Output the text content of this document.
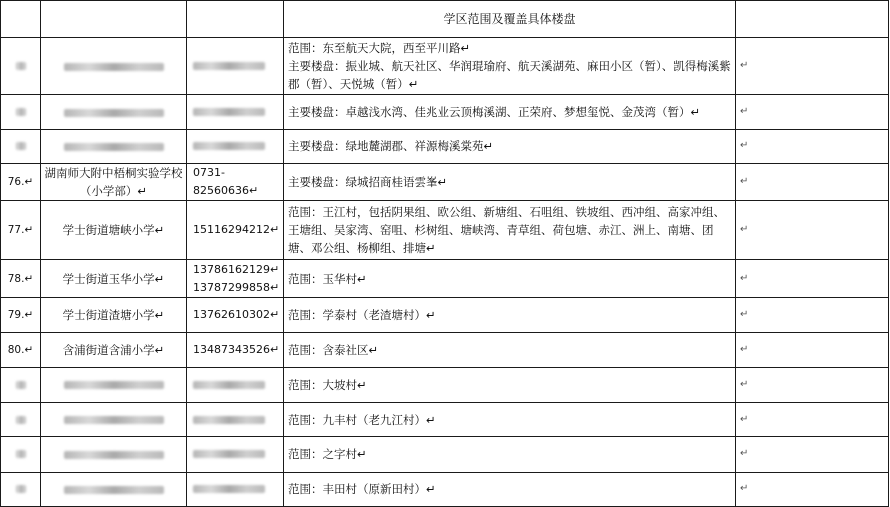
			学区范围及覆盖具体楼盘	
			范围：东至航天大院，西至平川路↵
主要楼盘：振业城、航天社区、华润琨瑜府、航天溪湖苑、麻田小区（暂）、凯得梅溪紫郡（暂）、天悦城（暂）↵	↵
			主要楼盘：卓越浅水湾、佳兆业云顶梅溪湖、正荣府、梦想玺悦、金茂湾（暂）↵	↵
			主要楼盘：绿地麓湖郡、祥源梅溪棠苑↵	↵
76.↵	湖南师大附中梧桐实验学校（小学部）↵	0731-82560636↵	主要楼盘：绿城招商桂语雲峯↵	↵
77.↵	学士街道塘峡小学↵	15116294212↵	范围：王江村，包括阴果组、欧公组、新塘组、石咀组、铁坡组、西冲组、高家冲组、王塘组、吴家湾、窑咀、杉树组、塘峡湾、青草组、荷包塘、赤江、洲上、南塘、团塘、邓公组、杨柳组、排塘↵	↵
78.↵	学士街道玉华小学↵	13786162129↵
13787299858↵	范围：玉华村↵	↵
79.↵	学士街道渣塘小学↵	13762610302↵	范围：学泰村（老渣塘村）↵	↵
80.↵	含浦街道含浦小学↵	13487343526↵	范围：含泰社区↵	↵
			范围：大坡村↵	↵
			范围：九丰村（老九江村）↵	↵
			范围：之字村↵	↵
			范围：丰田村（原新田村）↵	↵
